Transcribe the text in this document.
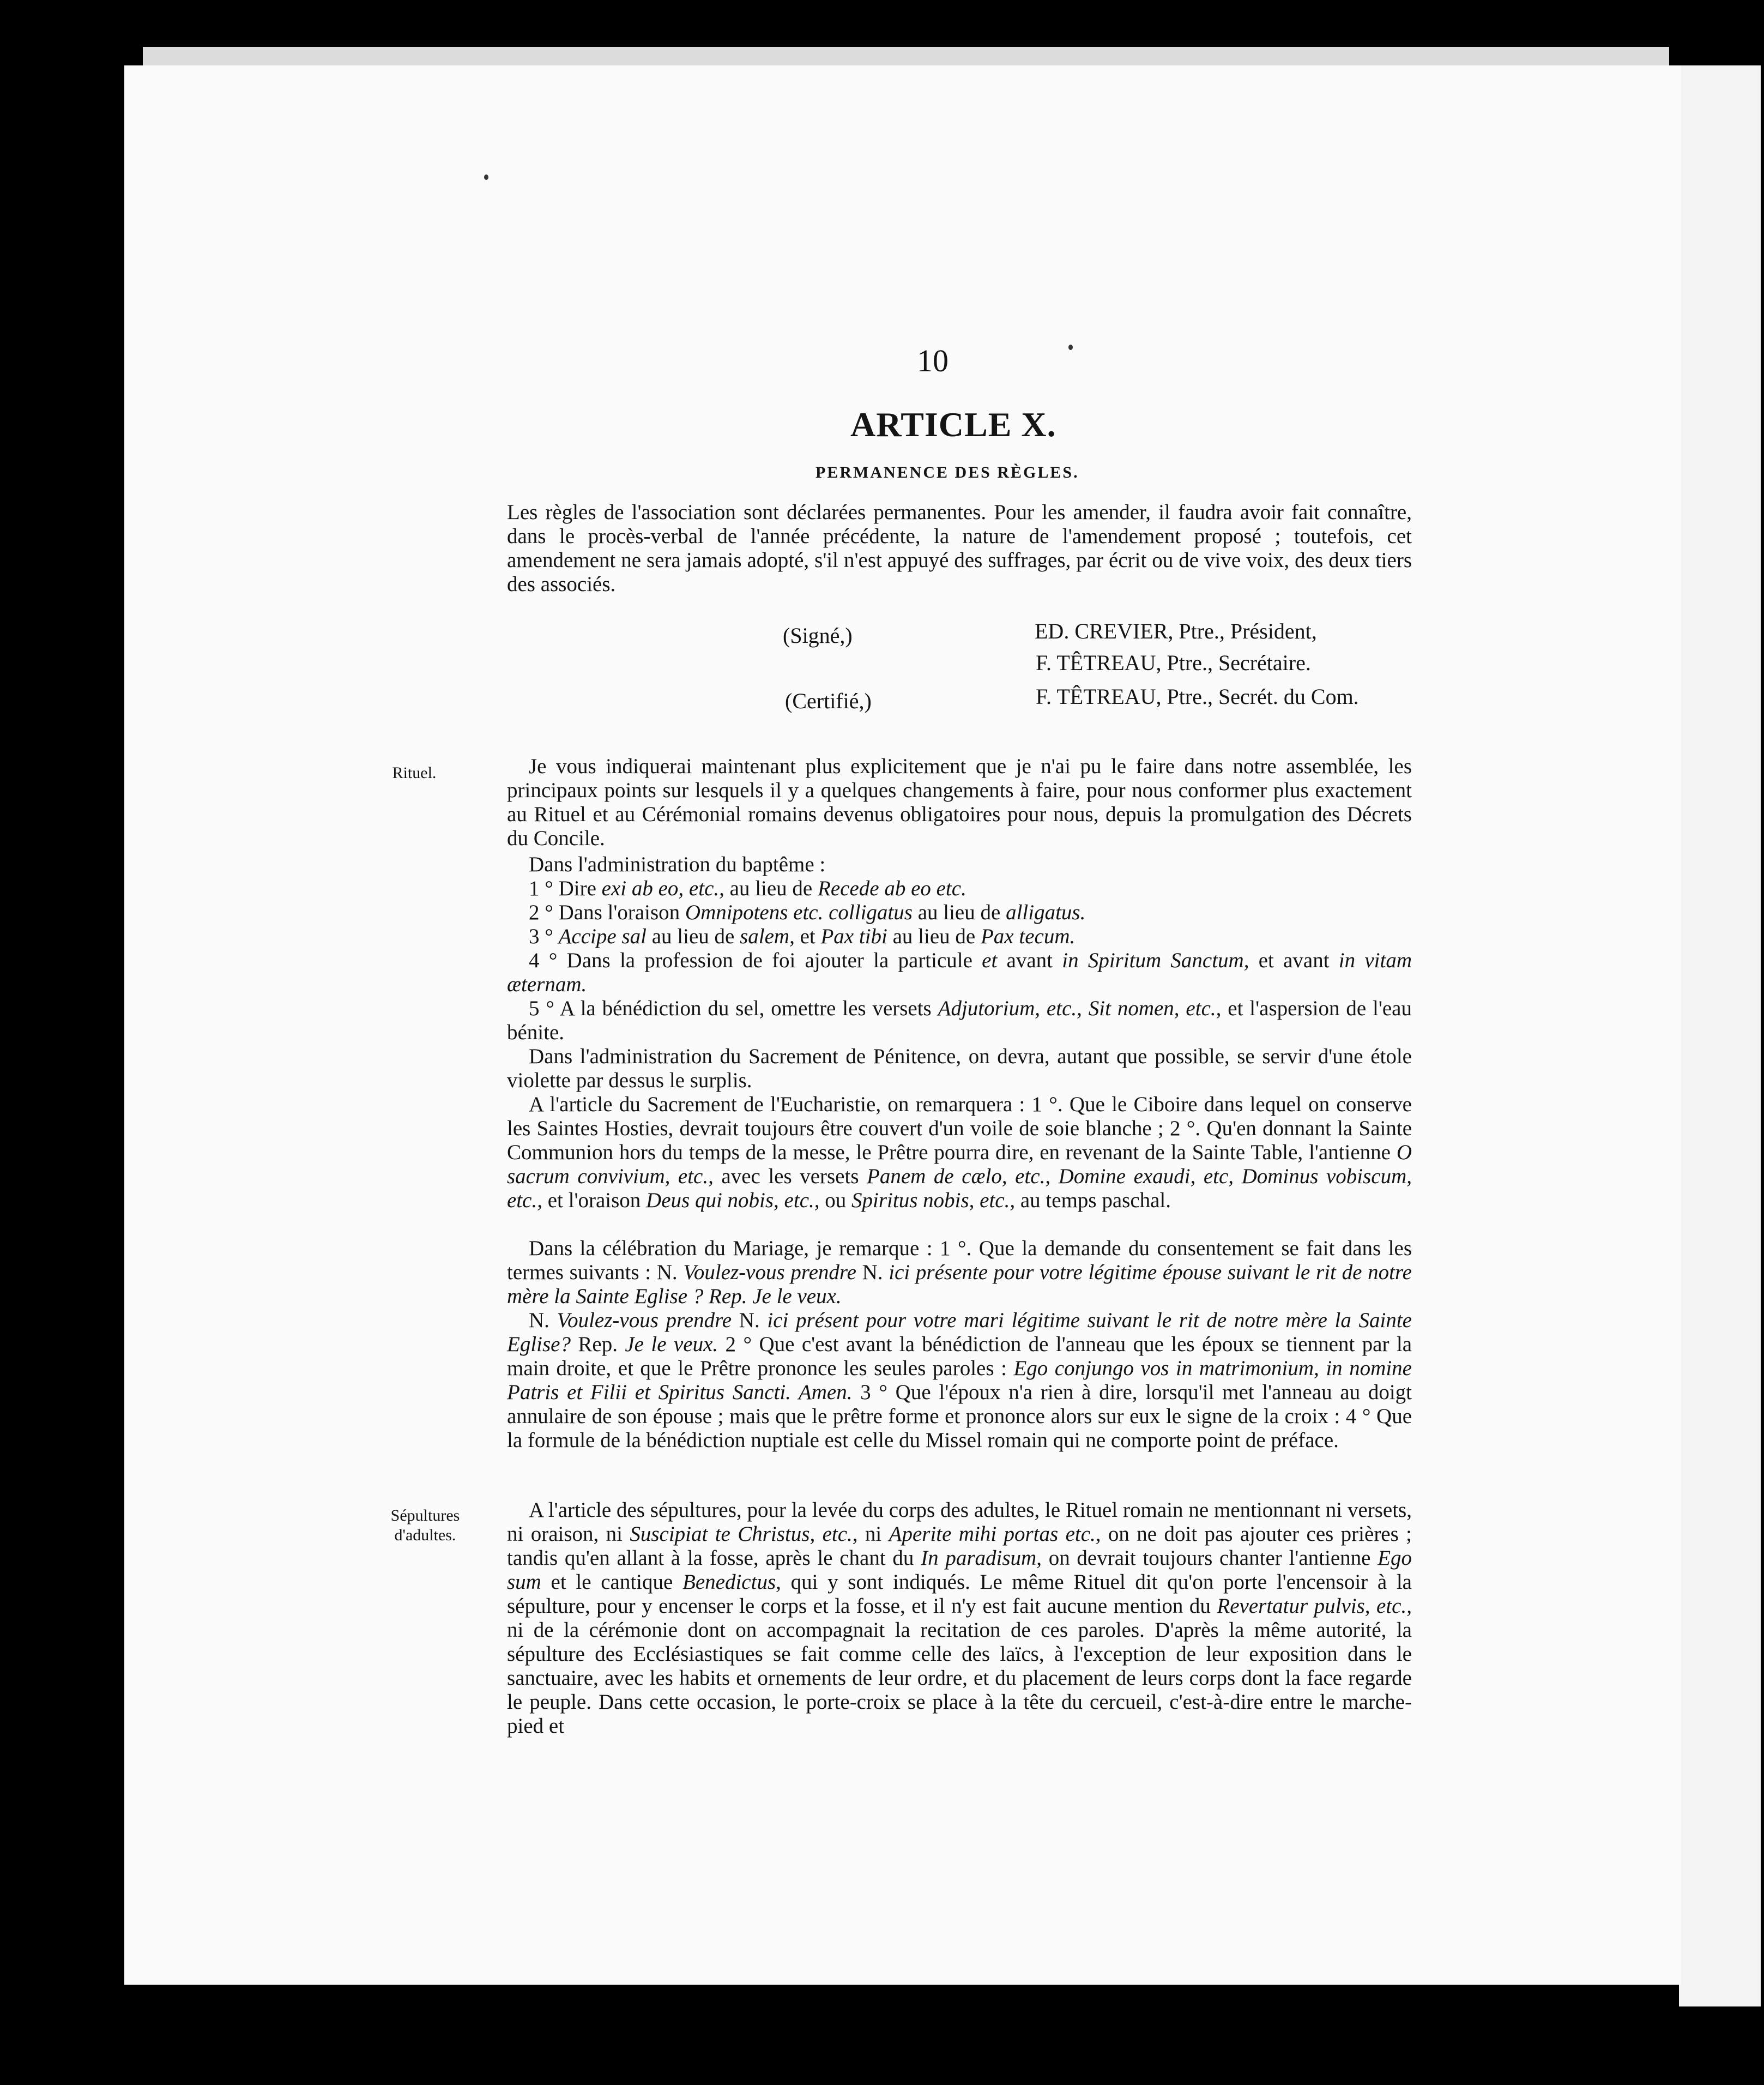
10
ARTICLE X.
PERMANENCE DES RÈGLES.

Les règles de l'association sont déclarées permanentes. Pour les amender, il faudra avoir fait connaître, dans le procès-verbal de l'année précédente, la nature de l'amendement proposé ; toutefois, cet amendement ne sera jamais adopté, s'il n'est appuyé des suffrages, par écrit ou de vive voix, des deux tiers des associés.

(Signé,)	ED. CREVIER, Ptre., Président,
F. TÊTREAU, Ptre., Secrétaire.
(Certifié,)	F. TÊTREAU, Ptre., Secrét. du Com.
Rituel.
Sépultures d'adultes.

Je vous indiquerai maintenant plus explicitement que je n'ai pu le faire dans notre assemblée, les principaux points sur lesquels il y a quelques changements à faire, pour nous conformer plus exactement au Rituel et au Cérémonial romains devenus obligatoires pour nous, depuis la promulgation des Décrets du Concile.

Dans l'administration du baptême :

1 ° Dire exi ab eo, etc., au lieu de Recede ab eo etc.

2 ° Dans l'oraison Omnipotens etc. colligatus au lieu de alligatus.

3 ° Accipe sal au lieu de salem, et Pax tibi au lieu de Pax tecum.

4 ° Dans la profession de foi ajouter la particule et avant in Spiritum Sanctum, et avant in vitam æternam.

5 ° A la bénédiction du sel, omettre les versets Adjutorium, etc., Sit nomen, etc., et l'aspersion de l'eau bénite.

Dans l'administration du Sacrement de Pénitence, on devra, autant que possible, se servir d'une étole violette par dessus le surplis.

A l'article du Sacrement de l'Eucharistie, on remarquera : 1 °. Que le Ciboire dans lequel on conserve les Saintes Hosties, devrait toujours être couvert d'un voile de soie blanche ; 2 °. Qu'en donnant la Sainte Communion hors du temps de la messe, le Prêtre pourra dire, en revenant de la Sainte Table, l'antienne O sacrum convivium, etc., avec les versets Panem de cælo, etc., Domine exaudi, etc, Dominus vobiscum, etc., et l'oraison Deus qui nobis, etc., ou Spiritus nobis, etc., au temps paschal.

Dans la célébration du Mariage, je remarque : 1 °. Que la demande du consentement se fait dans les termes suivants : N. Voulez-vous prendre N. ici présente pour votre légitime épouse suivant le rit de notre mère la Sainte Eglise ? Rep. Je le veux.

N. Voulez-vous prendre N. ici présent pour votre mari légitime suivant le rit de notre mère la Sainte Eglise? Rep. Je le veux. 2 ° Que c'est avant la bénédiction de l'anneau que les époux se tiennent par la main droite, et que le Prêtre prononce les seules paroles : Ego conjungo vos in matrimonium, in nomine Patris et Filii et Spiritus Sancti. Amen. 3 ° Que l'époux n'a rien à dire, lorsqu'il met l'anneau au doigt annulaire de son épouse ; mais que le prêtre forme et prononce alors sur eux le signe de la croix : 4 ° Que la formule de la bénédiction nuptiale est celle du Missel romain qui ne comporte point de préface.

A l'article des sépultures, pour la levée du corps des adultes, le Rituel romain ne mentionnant ni versets, ni oraison, ni Suscipiat te Christus, etc., ni Aperite mihi portas etc., on ne doit pas ajouter ces prières ; tandis qu'en allant à la fosse, après le chant du In paradisum, on devrait toujours chanter l'antienne Ego sum et le cantique Benedictus, qui y sont indiqués. Le même Rituel dit qu'on porte l'encensoir à la sépulture, pour y encenser le corps et la fosse, et il n'y est fait aucune mention du Revertatur pulvis, etc., ni de la cérémonie dont on accompagnait la recitation de ces paroles. D'après la même autorité, la sépulture des Ecclésiastiques se fait comme celle des laïcs, à l'exception de leur exposition dans le sanctuaire, avec les habits et ornements de leur ordre, et du placement de leurs corps dont la face regarde le peuple. Dans cette occasion, le porte-croix se place à la tête du cercueil, c'est-à-dire entre le marche-pied et
